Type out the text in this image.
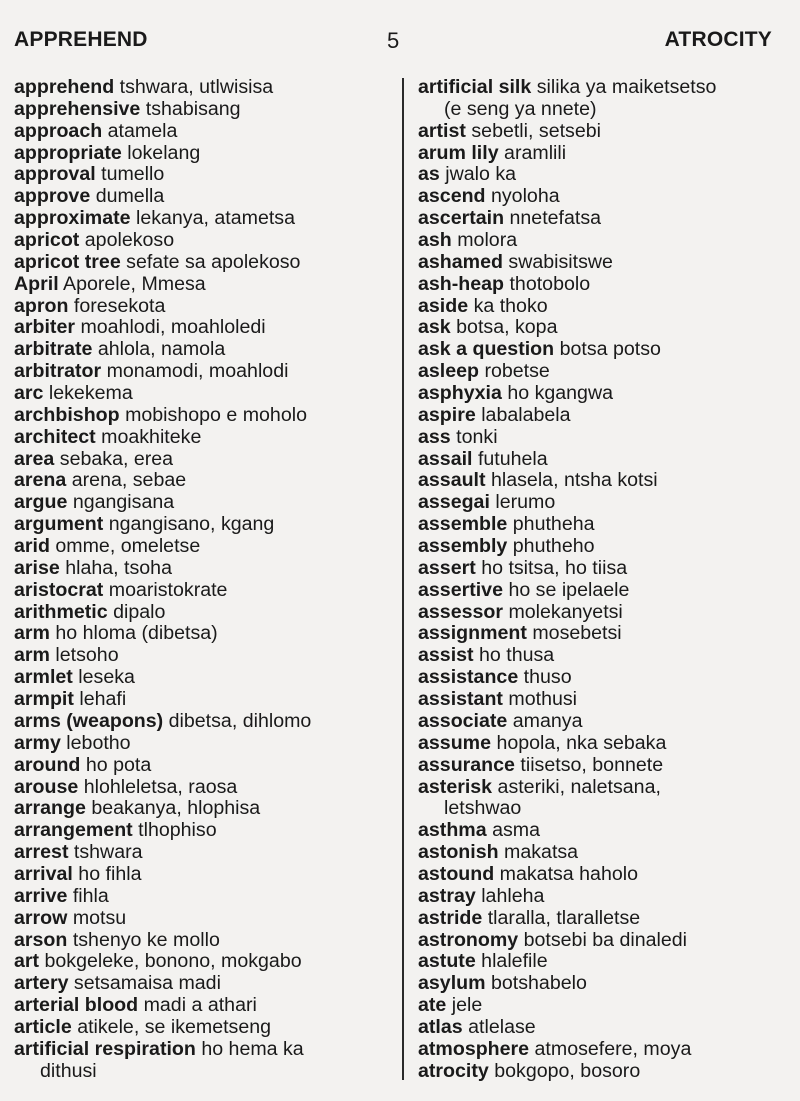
APPREHEND	5	ATROCITY
apprehend tshwara, utlwisisa
apprehensive tshabisang
approach atamela
appropriate lokelang
approval tumello
approve dumella
approximate lekanya, atametsa
apricot apolekoso
apricot tree sefate sa apolekoso
April Aporele, Mmesa
apron foresekota
arbiter moahlodi, moahloledi
arbitrate ahlola, namola
arbitrator monamodi, moahlodi
arc lekekema
archbishop mobishopo e moholo
architect moakhiteke
area sebaka, erea
arena arena, sebae
argue ngangisana
argument ngangisano, kgang
arid omme, omeletse
arise hlaha, tsoha
aristocrat moaristokrate
arithmetic dipalo
arm ho hloma (dibetsa)
arm letsoho
armlet leseka
armpit lehafi
arms (weapons) dibetsa, dihlomo
army lebotho
around ho pota
arouse hlohleletsa, raosa
arrange beakanya, hlophisa
arrangement tlhophiso
arrest tshwara
arrival ho fihla
arrive fihla
arrow motsu
arson tshenyo ke mollo
art bokgeleke, bonono, mokgabo
artery setsamaisa madi
arterial blood madi a athari
article atikele, se ikemetseng
artificial respiration ho hema ka
dithusi
artificial silk silika ya maiketsetso
(e seng ya nnete)
artist sebetli, setsebi
arum lily aramlili
as jwalo ka
ascend nyoloha
ascertain nnetefatsa
ash molora
ashamed swabisitswe
ash-heap thotobolo
aside ka thoko
ask botsa, kopa
ask a question botsa potso
asleep robetse
asphyxia ho kgangwa
aspire labalabela
ass tonki
assail futuhela
assault hlasela, ntsha kotsi
assegai lerumo
assemble phutheha
assembly phutheho
assert ho tsitsa, ho tiisa
assertive ho se ipelaele
assessor molekanyetsi
assignment mosebetsi
assist ho thusa
assistance thuso
assistant mothusi
associate amanya
assume hopola, nka sebaka
assurance tiisetso, bonnete
asterisk asteriki, naletsana,
letshwao
asthma asma
astonish makatsa
astound makatsa haholo
astray lahleha
astride tlaralla, tlaralletse
astronomy botsebi ba dinaledi
astute hlalefile
asylum botshabelo
ate jele
atlas atlelase
atmosphere atmosefere, moya
atrocity bokgopo, bosoro
